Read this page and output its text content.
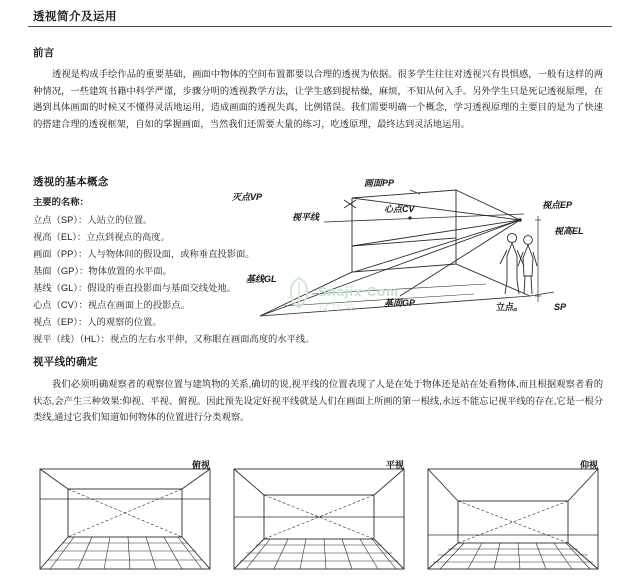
透视简介及运用
前言
透视是构成手绘作品的重要基础，画面中物体的空间布置都要以合理的透视为依据。很多学生往往对透视兴有畏惧感，一般有这样的两种情况，一些建筑书籍中科学严谨，步骤分明的透视教学方法，让学生感到提枯燥，麻烦，不知从何入手。另外学生只是死记透视原理，在遇到具体画面的时候又不懂得灵活地运用，造成画面的透视失真，比例错误。我们需要明确一个概念，学习透视原理的主要目的是为了快速的搭建合理的透视框架，自如的掌握画面，当然我们还需要大量的练习，吃透原理，最终达到灵活地运用。
透视的基本概念
主要的名称：
立点（SP）：人站立的位置。
视高（EL）：立点到视点的高度。
画面（PP）：人与物体间的假设面，或称垂直投影面。
基面（GP）：物体放置的水平面。
基线（GL）：假设的垂直投影面与基面交线处地。
心点（CV）：视点在画面上的投影点。
视点（EP）：人的观察的位置。
视平（线）（HL）：视点的左右水平伸，又称眼在画面高度的水平线。
视平线的确定
我们必须明确观察者的观察位置与建筑物的关系,确切的说,视平线的位置表现了人是在处于物体还是站在处看物体,而且根据观察者看的状态,会产生三种效果:仰视、平视、俯视。因此预先设定好视平线就是人们在画面上所画的第一根线,永远不能忘记视平线的存在,它是一根分类线,通过它我们知道如何物体的位置进行分类观察。
灭点VP
画面PP
心点CV
视平线
视点EP
视高EL
基线GL
基面GP	立点。	SP
Snajix Com
设计装
俯视	平视	仰视
